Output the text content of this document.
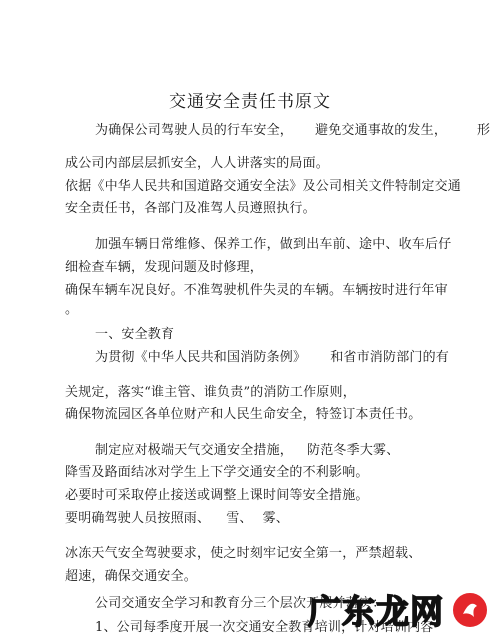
交通安全责任书原文
为确保公司驾驶人员的行车安全， 避免交通事故的发生， 形
成公司内部层层抓安全，人人讲落实的局面。
依据《中华人民共和国道路交通安全法》及公司相关文件特制定交通
安全责任书，各部门及准驾人员遵照执行。
加强车辆日常维修、保养工作，做到出车前、途中、收车后仔
细检查车辆，发现问题及时修理，
确保车辆车况良好。不准驾驶机件失灵的车辆。车辆按时进行年审
。
一、安全教育
为贯彻《中华人民共和国消防条例》 和省市消防部门的有
关规定，落实“谁主管、谁负责”的消防工作原则，
确保物流园区各单位财产和人民生命安全，特签订本责任书。
制定应对极端天气交通安全措施， 防范冬季大雾、
降雪及路面结冰对学生上下学交通安全的不利影响。
必要时可采取停止接送或调整上课时间等安全措施。
要明确驾驶人员按照雨、 雪、 雾、
冰冻天气安全驾驶要求，使之时刻牢记安全第一，严禁超载、
超速，确保交通安全。
公司交通安全学习和教育分三个层次开展并落实：
1、公司每季度开展一次交通安全教育培训，针对培训内容
广东龙网
